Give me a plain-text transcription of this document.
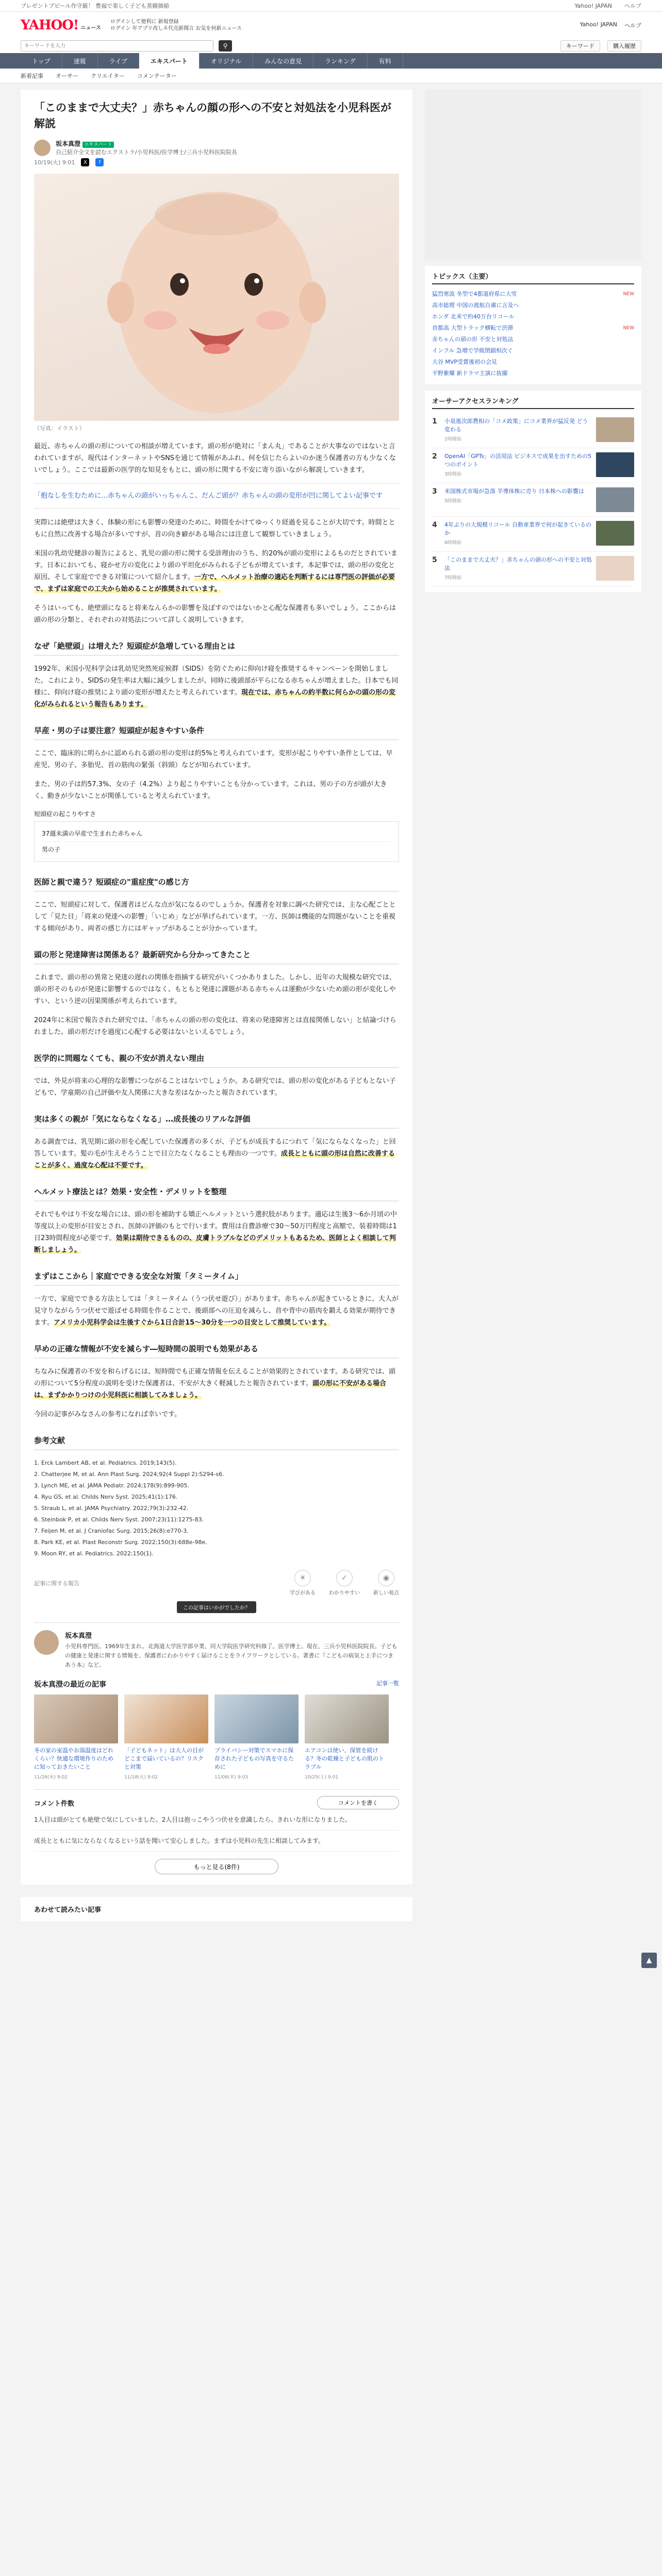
ブレゼントプビール作守厳！ 豊福で楽しく子ども蒸競価値	Yahoo! JAPAN ヘルプ
YAHOO! ニュース
ログインして便利に 新規登録
ログイン 年アプリ改しネ代売新聞言 お気を何新ニュース
Yahoo! JAPAN ヘルプ
キーワードを入力
⚲	キーワード	購入履歴
トップ	速報	ライブ	エキスパート	オリジナル	みんなの意見	ランキング	有料
新着記事 オーサー クリエイター コメンテーター
「このままで大丈夫？」赤ちゃんの顔の形への不安と対処法を小児科医が解説
坂本真澄 エキスパート
自己紹介全文を読むエクストラ/小児科医/医学博士/三兵小児科医院院長
10/19(火) 9:01	X	f
（写真：イラスト）

最近、赤ちゃんの頭の形についての相談が増えています。頭の形が絶対に「まん丸」であることが大事なのではないと言われていますが、現代はインターネットやSNSを通じて情報があふれ、何を信じたらよいのか迷う保護者の方も少なくないでしょう。ここでは最新の医学的な知見をもとに、頭の形に関する不安に寄り添いながら解説していきます。

「抱なしを生むために…赤ちゃんの頭がいっちゃんこ、だんご頭が？赤ちゃんの頭の変形が凹に関してよい記事です

実際には絶壁は大きく、体験の形にも影響の発達のために、時間をかけてゆっくり経過を見ることが大切です。時間とともに自然に改善する場合が多いですが、首の向き癖がある場合には注意して観察していきましょう。

米国の乳幼児健診の報告によると、乳児の頭の形に関する受診理由のうち、約20%が頭の変形によるものだとされています。日本においても、寝かせ方の変化により頭の平坦化がみられる子どもが増えています。本記事では、頭の形の変化と原因、そして家庭でできる対策について紹介します。一方で、ヘルメット治療の適応を判断するには専門医の評価が必要で、まずは家庭での工夫から始めることが推奨されています。

そうはいっても、絶壁頭になると将来なんらかの影響を及ぼすのではないかと心配な保護者も多いでしょう。ここからは頭の形の分類と、それぞれの対処法について詳しく説明していきます。

なぜ「絶壁頭」は増えた？短頭症が急増している理由とは

1992年、米国小児科学会は乳幼児突然死症候群（SIDS）を防ぐために仰向け寝を推奨するキャンペーンを開始しました。これにより、SIDSの発生率は大幅に減少しましたが、同時に後頭部が平らになる赤ちゃんが増えました。日本でも同様に、仰向け寝の推奨により頭の変形が増えたと考えられています。現在では、赤ちゃんの約半数に何らかの頭の形の変化がみられるという報告もあります。

早産・男の子は要注意？短頭症が起きやすい条件

ここで、臨床的に明らかに認められる頭の形の変形は約5%と考えられています。変形が起こりやすい条件としては、早産児、男の子、多胎児、首の筋肉の緊張（斜頸）などが知られています。

また、男の子は約57.3%、女の子（4.2%）より起こりやすいことも分かっています。これは、男の子の方が頭が大きく、動きが少ないことが関係していると考えられています。

短頭症の起こりやすさ
37週未満の早産で生まれた赤ちゃん
男の子
医師と親で違う？短頭症の"重症度"の感じ方

ここで、短頭症に対して、保護者はどんな点が気になるのでしょうか。保護者を対象に調べた研究では、主な心配ごととして「見た目」「将来の発達への影響」「いじめ」などが挙げられています。一方、医師は機能的な問題がないことを重視する傾向があり、両者の感じ方にはギャップがあることが分かっています。

頭の形と発達障害は関係ある？最新研究から分かってきたこと

これまで、頭の形の異常と発達の遅れの関係を指摘する研究がいくつかありました。しかし、近年の大規模な研究では、頭の形そのものが発達に影響するのではなく、もともと発達に課題がある赤ちゃんは運動が少ないため頭の形が変化しやすい、という逆の因果関係が考えられています。

2024年に米国で報告された研究では、「赤ちゃんの頭の形の変化は、将来の発達障害とは直接関係しない」と結論づけられました。頭の形だけを過度に心配する必要はないといえるでしょう。

医学的に問題なくても、親の不安が消えない理由

では、外見が将来の心理的な影響につながることはないでしょうか。ある研究では、頭の形の変化がある子どもとない子どもで、学童期の自己評価や友人関係に大きな差はなかったと報告されています。

実は多くの親が「気にならなくなる」…成長後のリアルな評価

ある調査では、乳児期に頭の形を心配していた保護者の多くが、子どもが成長するにつれて「気にならなくなった」と回答しています。髪の毛が生えそろうことで目立たなくなることも理由の一つです。成長とともに頭の形は自然に改善することが多く、過度な心配は不要です。

ヘルメット療法とは？効果・安全性・デメリットを整理

それでもやはり不安な場合には、頭の形を補助する矯正ヘルメットという選択肢があります。適応は生後3〜6か月頃の中等度以上の変形が目安とされ、医師の評価のもとで行います。費用は自費診療で30〜50万円程度と高額で、装着時間は1日23時間程度が必要です。効果は期待できるものの、皮膚トラブルなどのデメリットもあるため、医師とよく相談して判断しましょう。

まずはここから｜家庭でできる安全な対策「タミータイム」

一方で、家庭でできる方法としては「タミータイム（うつ伏せ遊び）」があります。赤ちゃんが起きているときに、大人が見守りながらうつ伏せで遊ばせる時間を作ることで、後頭部への圧迫を減らし、首や背中の筋肉を鍛える効果が期待できます。アメリカ小児科学会は生後すぐから1日合計15〜30分を一つの目安として推奨しています。

早めの正確な情報が不安を減らす―短時間の説明でも効果がある

ちなみに保護者の不安を和らげるには、短時間でも正確な情報を伝えることが効果的とされています。ある研究では、頭の形について5分程度の説明を受けた保護者は、不安が大きく軽減したと報告されています。頭の形に不安がある場合は、まずかかりつけの小児科医に相談してみましょう。

今回の記事がみなさんの参考になれば幸いです。

参考文献
1. Erck Lambert AB, et al. Pediatrics. 2019;143(5).
2. Chatterjee M, et al. Ann Plast Surg. 2024;92(4 Suppl 2):S294-s6.
3. Lynch ME, et al. JAMA Pediatr. 2024;178(9):899-905.
4. Ryu GS, et al. Childs Nerv Syst. 2025;41(1):176.
5. Straub L, et al. JAMA Psychiatry. 2022;79(3):232-42.
6. Steinbok P, et al. Childs Nerv Syst. 2007;23(11):1275-83.
7. Feijen M, et al. J Craniofac Surg. 2015;26(8):e770-3.
8. Park KE, et al. Plast Reconstr Surg. 2022;150(3):688e-98e.
9. Moon RY, et al. Pediatrics. 2022;150(1).
記事に関する報告
☀
学びがある
✓
わかりやすい
◉
新しい視点
この記事はいかがでしたか？
坂本真澄

小児科専門医。1969年生まれ。北海道大学医学部卒業、同大学院医学研究科修了。医学博士。現在、三兵小児科医院院長。子どもの健康と発達に関する情報を、保護者にわかりやすく届けることをライフワークとしている。著書に『こどもの病気と上手につきあう本』など。

坂本真澄の最近の記事	記事一覧
冬の家の室温やお湯温度はどれくらい？快適な環境作りのために知っておきたいこと
11/26(水) 9:02
「子どもネット」は大人の目がどこまで届いているの？リスクと対策
11/18(火) 9:02
プライバシー対策でスマホに保存された子どもの写真を守るために
11/06(木) 9:03
エアコンは使い、保管を続ける？冬の乾燥と子どもの肌のトラブル
10/25(土) 9:01
コメント件数	コメントを書く
1人目は頭がとても絶壁で気にしていました。2人目は抱っこやうつ伏せを意識したら、きれいな形になりました。
成長とともに気にならなくなるという話を聞いて安心しました。まずは小児科の先生に相談してみます。
もっと見る(8件)
トピックス（主要）
猛烈寒波 冬型で4都道府県に大雪	NEW
高市総理 中国の渡航自粛に言及へ
ホンダ 北米で約40万台リコール
首都高 大型トラック横転で渋滞	NEW
赤ちゃんの頭の形 不安と対処法
インフル 急増で学級閉鎖相次ぐ
大谷 MVP受賞後初の会見
平野紫耀 新ドラマ主演に抜擢
オーサーアクセスランキング
1	小泉進次郎農相の「コメ政策」にコメ業界が猛反発 どう変わる
1時間前
2	OpenAI「GPTs」の活用法 ビジネスで成果を出すための5つのポイント
3時間前
3	米国株式市場が急落 半導体株に売り 日本株への影響は
5時間前
4	4年ぶりの大規模リコール 自動車業界で何が起きているのか
6時間前
5	「このままで大丈夫？」赤ちゃんの頭の形への不安と対処法
7時間前
あわせて読みたい記事
▲
